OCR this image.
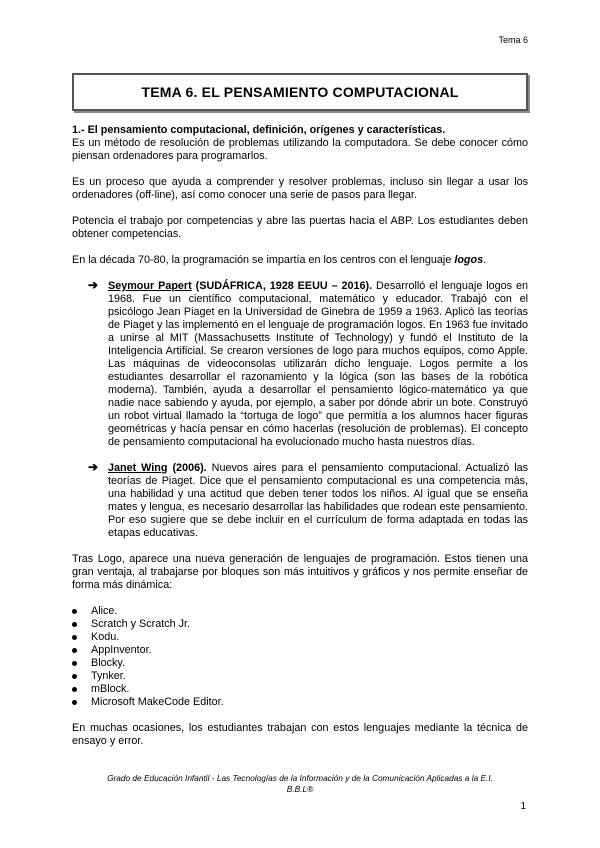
Tema 6
TEMA 6. EL PENSAMIENTO COMPUTACIONAL

1.- El pensamiento computacional, definición, orígenes y características.

Es un método de resolución de problemas utilizando la computadora. Se debe conocer cómo piensan ordenadores para programarlos.

Es un proceso que ayuda a comprender y resolver problemas, incluso sin llegar a usar los ordenadores (off-line), así como conocer una serie de pasos para llegar.

Potencia el trabajo por competencias y abre las puertas hacia el ABP. Los estudiantes deben obtener competencias.

En la década 70-80, la programación se impartía en los centros con el lenguaje logos.

➔ Seymour Papert (SUDÁFRICA, 1928 EEUU – 2016). Desarrolló el lenguaje logos en 1968. Fue un científico computacional, matemático y educador. Trabajó con el psicólogo Jean Piaget en la Universidad de Ginebra de 1959 a 1963. Aplicó las teorías de Piaget y las implementó en el lenguaje de programación logos. En 1963 fue invitado a unirse al MIT (Massachusetts Institute of Technology) y fundó el Instituto de la Inteligencia Artificial. Se crearon versiones de logo para muchos equipos, como Apple. Las máquinas de videoconsolas utilizarán dicho lenguaje. Logos permite a los estudiantes desarrollar el razonamiento y la lógica (son las bases de la robótica moderna). También, ayuda a desarrollar el pensamiento lógico-matemático ya que nadie nace sabiendo y ayuda, por ejemplo, a saber por dónde abrir un bote. Construyó un robot virtual llamado la “tortuga de logo” que permitía a los alumnos hacer figuras geométricas y hacía pensar en cómo hacerlas (resolución de problemas). El concepto de pensamiento computacional ha evolucionado mucho hasta nuestros días.
➔ Janet Wing (2006). Nuevos aires para el pensamiento computacional. Actualizó las teorías de Piaget. Dice que el pensamiento computacional es una competencia más, una habilidad y una actitud que deben tener todos los niños. Al igual que se enseña mates y lengua, es necesario desarrollar las habilidades que rodean este pensamiento. Por eso sugiere que se debe incluir en el currículum de forma adaptada en todas las etapas educativas.

Tras Logo, aparece una nueva generación de lenguajes de programación. Estos tienen una gran ventaja, al trabajarse por bloques son más intuitivos y gráficos y nos permite enseñar de forma más dinámica:

Alice.
Scratch y Scratch Jr.
Kodu.
AppInventor.
Blocky.
Tynker.
mBlock.
Microsoft MakeCode Editor.

En muchas ocasiones, los estudiantes trabajan con estos lenguajes mediante la técnica de ensayo y error.

Grado de Educación Infantil - Las Tecnologías de la Información y de la Comunicación Aplicadas a la E.I.
B.B.L®
1
